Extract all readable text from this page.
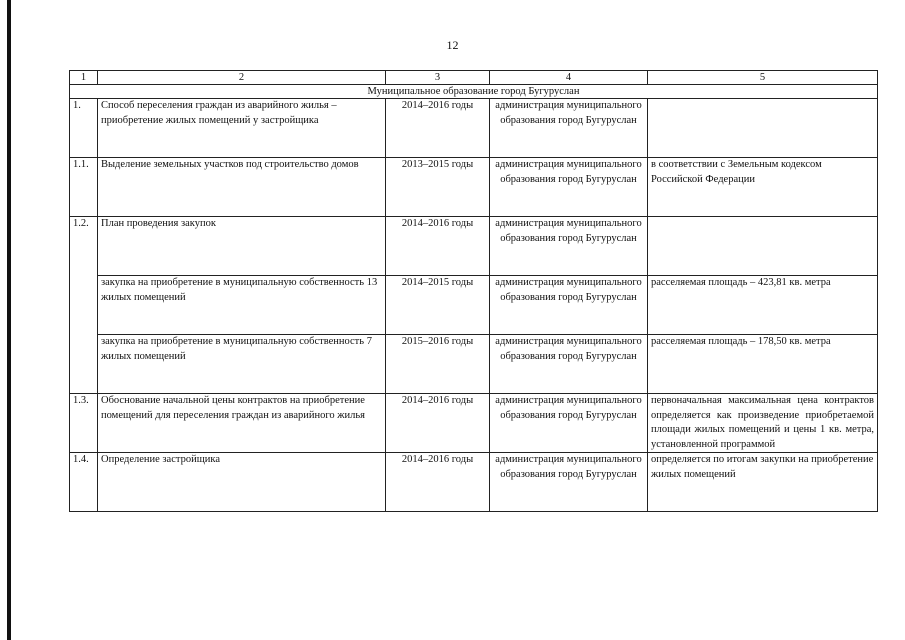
12
1	2	3	4	5
Муниципальное образование город Бугуруслан				
1.	Способ переселения граждан из аварийного жилья – приобретение жилых помещений у застройщика	2014–2016 годы	администрация муниципального образования город Бугуруслан	
1.1.	Выделение земельных участков под строительство домов	2013–2015 годы	администрация муниципального образования город Бугуруслан	в соответствии с Земельным кодексом Российской Федерации
1.2.	План проведения закупок	2014–2016 годы	администрация муниципального образования город Бугуруслан	
	закупка на приобретение в муниципальную собственность 13 жилых помещений	2014–2015 годы	администрация муниципального образования город Бугуруслан	расселяемая площадь – 423,81 кв. метра
	закупка на приобретение в муниципальную собственность 7 жилых помещений	2015–2016 годы	администрация муниципального образования город Бугуруслан	расселяемая площадь – 178,50 кв. метра
1.3.	Обоснование начальной цены контрактов на приобретение помещений для переселения граждан из аварийного жилья	2014–2016 годы	администрация муниципального образования город Бугуруслан	первоначальная максимальная цена контрактов определяется как произведение приобретаемой площади жилых помещений и цены 1 кв. метра, установленной программой
1.4.	Определение застройщика	2014–2016 годы	администрация муниципального образования город Бугуруслан	определяется по итогам закупки на приобретение жилых помещений
